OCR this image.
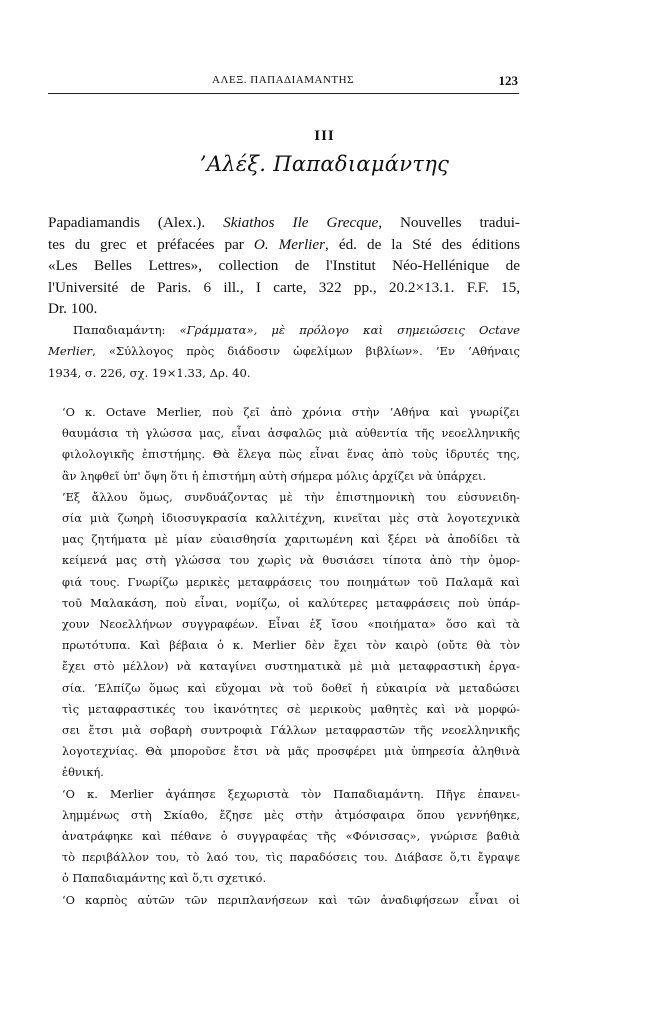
ΑΛΕΞ. ΠΑΠΑΔΙΑΜΑΝΤΗΣ	123
III
’Αλέξ. Παπαδιαμάντης
Papadiamandis (Alex.). Skiathos Ile Grecque, Nouvelles tradui-
tes du grec et préfacées par O. Merlier, éd. de la Sté des éditions
«Les Belles Lettres», collection de l'Institut Néo-Hellénique de
l'Université de Paris. 6 ill., I carte, 322 pp., 20.2×13.1. F.F. 15,
Dr. 100.
Παπαδιαμάντη: «Γράμματα», μὲ πρόλογο καὶ σημειώσεις Octave
Merlier, «Σύλλογος πρὸς διάδοσιν ὠφελίμων βιβλίων». ’Εν ’Αθήναις
1934, σ. 226, σχ. 19×1.33, Δρ. 40.
‘Ο κ. Octave Merlier, ποὺ ζεῖ ἀπὸ χρόνια στὴν ’Αθήνα καὶ γνωρίζει
θαυμάσια τὴ γλώσσα μας, εἶναι ἀσφαλῶς μιὰ αὐθεντία τῆς νεοελληνικῆς
φιλολογικῆς ἐπιστήμης. Θὰ ἔλεγα πὼς εἶναι ἕνας ἀπὸ τοὺς ἱδρυτές της,
ἂν ληφθεῖ ὑπ' ὄψη ὅτι ἡ ἐπιστήμη αὐτὴ σήμερα μόλις ἀρχίζει νὰ ὑπάρχει.
’Εξ ἄλλου ὅμως, συνδυάζοντας μὲ τὴν ἐπιστημονικὴ του εὐσυνειδη-
σία μιὰ ζωηρὴ ἰδιοσυγκρασία καλλιτέχνη, κινεῖται μὲς στὰ λογοτεχνικὰ
μας ζητήματα μὲ μίαν εὐαισθησία χαριτωμένη καὶ ξέρει νὰ ἀποδίδει τὰ
κείμενά μας στὴ γλώσσα του χωρὶς νὰ θυσιάσει τίποτα ἀπὸ τὴν ὁμορ-
φιά τους. Γνωρίζω μερικὲς μεταφράσεις του ποιημάτων τοῦ Παλαμᾶ καὶ
τοῦ Μαλακάση, ποὺ εἶναι, νομίζω, οἱ καλύτερες μεταφράσεις ποὺ ὑπάρ-
χουν Νεοελλήνων συγγραφέων. Εἶναι ἐξ ἴσου «ποιήματα» ὅσο καὶ τὰ
πρωτότυπα. Καὶ βέβαια ὁ κ. Merlier δὲν ἔχει τὸν καιρὸ (οὔτε θὰ τὸν
ἔχει στὸ μέλλον) νὰ καταγίνει συστηματικὰ μὲ μιὰ μεταφραστικὴ ἐργα-
σία. ’Ελπίζω ὅμως καὶ εὔχομαι νὰ τοῦ δοθεῖ ἡ εὐκαιρία νὰ μεταδώσει
τὶς μεταφραστικές του ἱκανότητες σὲ μερικοὺς μαθητὲς καὶ νὰ μορφώ-
σει ἔτσι μιὰ σοβαρὴ συντροφιὰ Γάλλων μεταφραστῶν τῆς νεοελληνικῆς
λογοτεχνίας. Θὰ μποροῦσε ἔτσι νὰ μᾶς προσφέρει μιὰ ὑπηρεσία ἀληθινὰ
ἐθνική.
‘Ο κ. Merlier ἀγάπησε ξεχωριστὰ τὸν Παπαδιαμάντη. Πῆγε ἐπανει-
λημμένως στὴ Σκίαθο, ἔζησε μὲς στὴν ἀτμόσφαιρα ὅπου γεννήθηκε,
ἀνατράφηκε καὶ πέθανε ὁ συγγραφέας τῆς «Φόνισσας», γνώρισε βαθιὰ
τὸ περιβάλλον του, τὸ λαό του, τὶς παραδόσεις του. Διάβασε ὅ,τι ἔγραψε
ὁ Παπαδιαμάντης καὶ ὅ,τι σχετικό.
‘Ο καρπὸς αὐτῶν τῶν περιπλανήσεων καὶ τῶν ἀναδιφήσεων εἶναι οἱ
